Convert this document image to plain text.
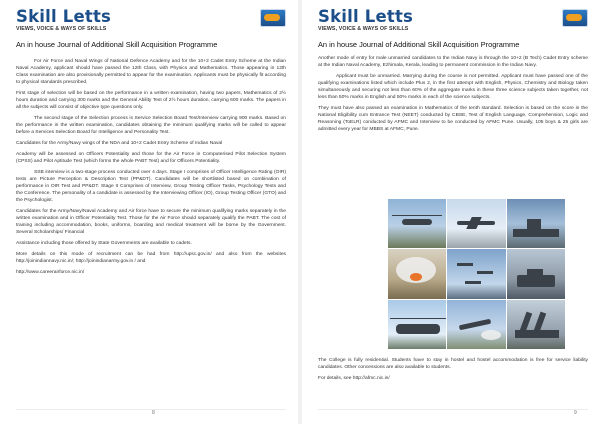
Skill Letts
VIEWS, VOICE & WAYS OF SKILLS
An in house Journal of Additional Skill Acquisition Programme

For Air Force and Naval Wings of National Defence Academy and for the 10+2 Cadet Entry Scheme at the Indian Naval Academy, applicant should have passed the 12th Class, with Physics and Mathematics. Those appearing in 12th Class examination are also provisionally permitted to appear for the examination. Applicants must be physically fit according to physical standards prescribed.

First stage of selection will be based on the performance in a written examination, having two papers, Mathematics of 2½ hours duration and carrying 300 marks and the General Ability Test of 2½ hours duration, carrying 600 marks. The papers in all the subjects will consist of objective type questions only.

The second stage of the Selection process is Service Selection Board Test/Interview carrying 900 marks. Based on the performance in the written examination, candidates obtaining the minimum qualifying marks will be called to appear before a Services Selection Board for Intelligence and Personality Test.

Candidates for the Army/Navy wings of the NDA and 10+2 Cadet Entry Scheme of Indian Naval

Academy will be assessed on Officers Potentiality and those for the Air Force in Computerised Pilot Selection System (CPSS) and Pilot Aptitude Test (which forms the whole PABT Test) and for Officers Potentiality.

SSB interview is a two-stage process conducted over 4 days. Stage I comprises of Officer Intelligence Rating (OIR) tests are Picture Perception & Description Test (PP&DT). Candidates will be shortlisted based on combination of performance in OIR Test and PP&DT. Stage II Comprises of Interview, Group Testing Officer Tasks, Psychology Tests and the Conference. The personality of a candidate is assessed by the Interviewing Officer (IO), Group Testing Officer (GTO) and the Psychologist.

Candidates for the Army/Navy/Naval Academy and Air force have to secure the minimum qualifying marks separately in the written examination and in Officer Potentiality Test. Those for the Air Force should separately qualify the PABT. The cost of training including accommodation, books, uniforms, boarding and medical treatment will be borne by the Government. Several Scholarships/ Financial

Assistance including those offered by State Governments are available to cadets.

More details on this mode of recruitment can be had from http://upsc.gov.in/ and also from the websites http://joinindiannavy.nic.in/; http://joinindianarmy.gov.in / and

http://www.careerairforce.nic.in/

8
Skill Letts
VIEWS, VOICE & WAYS OF SKILLS
An in house Journal of Additional Skill Acquisition Programme

Another mode of entry for male unmarried candidates to the Indian Navy is through the 10+2 (B Tech) Cadet Entry scheme at the Indian Naval Academy, Ezhimala, Kerala, leading to permanent commission in the Indian Navy.

Applicant must be unmarried. Marrying during the course is not permitted. Applicant must have passed one of the qualifying examinations listed which include Plus 2, in the first attempt with English, Physics, Chemistry and Biology taken simultaneously and securing not less than 60% of the aggregate marks in these three science subjects taken together, not less than 50% marks in English and 50% marks in each of the science subjects.

They must have also passed an examination in Mathematics of the tenth standard. Selection is based on the score in the National Eligibility cum Entrance Test (NEET) conducted by CBSE, Test of English Language, Comprehension, Logic and Reasoning (ToELR) conducted by AFMC and Interview to be conducted by AFMC Pune. Usually, 105 boys & 25 girls are admitted every year for MBBS at AFMC, Pune.

The College is fully residential. Students have to stay in hostel and hostel accommodation is free for service liability candidates. Other concessions are also available to students.

For details, see http://afmc.nic.in/

9
